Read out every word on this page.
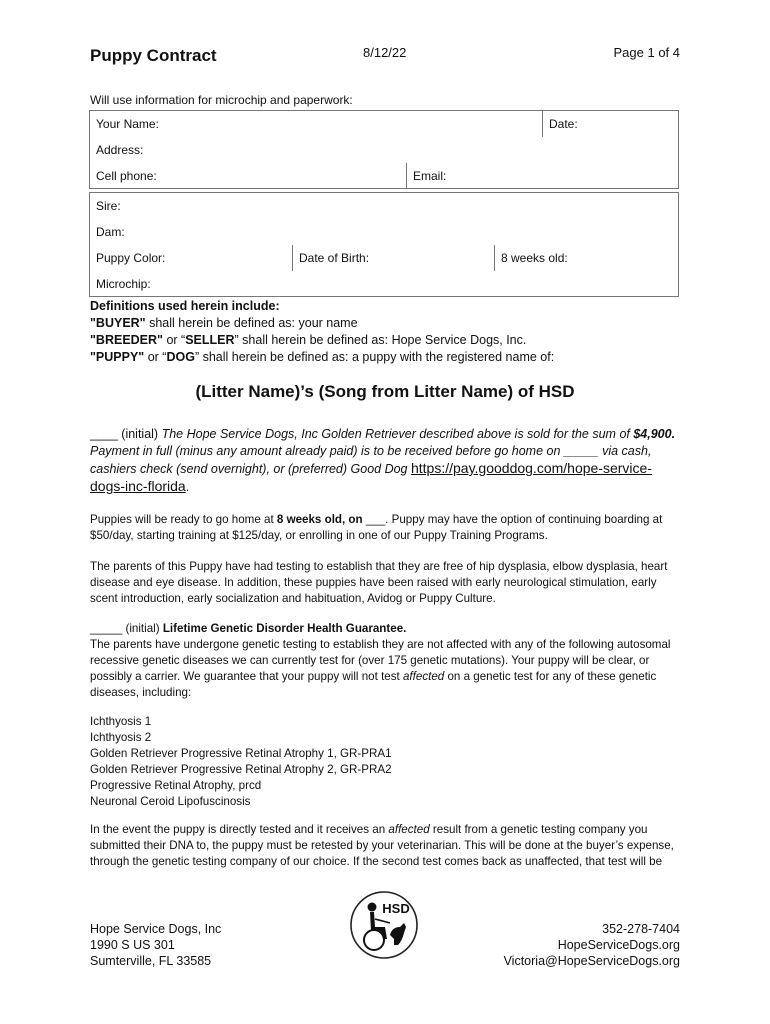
Puppy Contract	8/12/22	Page 1 of 4
Will use information for microchip and paperwork:
Your Name:	Date:
Address:
Cell phone:	Email:
Sire:
Dam:
Puppy Color:	Date of Birth:	8 weeks old:
Microchip:
Definitions used herein include:
"BUYER" shall herein be defined as: your name
"BREEDER" or “SELLER” shall herein be defined as: Hope Service Dogs, Inc.
"PUPPY" or “DOG” shall herein be defined as: a puppy with the registered name of:
(Litter Name)’s (Song from Litter Name) of HSD
____ (initial) The Hope Service Dogs, Inc Golden Retriever described above is sold for the sum of $4,900. Payment in full (minus any amount already paid) is to be received before go home on _____ via cash, cashiers check (send overnight), or (preferred) Good Dog https://pay.gooddog.com/hope-service-dogs-inc-florida.
Puppies will be ready to go home at 8 weeks old, on ___. Puppy may have the option of continuing boarding at $50/day, starting training at $125/day, or enrolling in one of our Puppy Training Programs.
The parents of this Puppy have had testing to establish that they are free of hip dysplasia, elbow dysplasia, heart disease and eye disease. In addition, these puppies have been raised with early neurological stimulation, early scent introduction, early socialization and habituation, Avidog or Puppy Culture.
_____ (initial) Lifetime Genetic Disorder Health Guarantee.
The parents have undergone genetic testing to establish they are not affected with any of the following autosomal recessive genetic diseases we can currently test for (over 175 genetic mutations). Your puppy will be clear, or possibly a carrier. We guarantee that your puppy will not test affected on a genetic test for any of these genetic diseases, including:
Ichthyosis 1
Ichthyosis 2
Golden Retriever Progressive Retinal Atrophy 1, GR-PRA1
Golden Retriever Progressive Retinal Atrophy 2, GR-PRA2
Progressive Retinal Atrophy, prcd
Neuronal Ceroid Lipofuscinosis
In the event the puppy is directly tested and it receives an affected result from a genetic testing company you submitted their DNA to, the puppy must be retested by your veterinarian. This will be done at the buyer’s expense, through the genetic testing company of our choice. If the second test comes back as unaffected, that test will be
Hope Service Dogs, Inc
1990 S US 301
Sumterville, FL 33585
HSD
352-278-7404
HopeServiceDogs.org
Victoria@HopeServiceDogs.org
